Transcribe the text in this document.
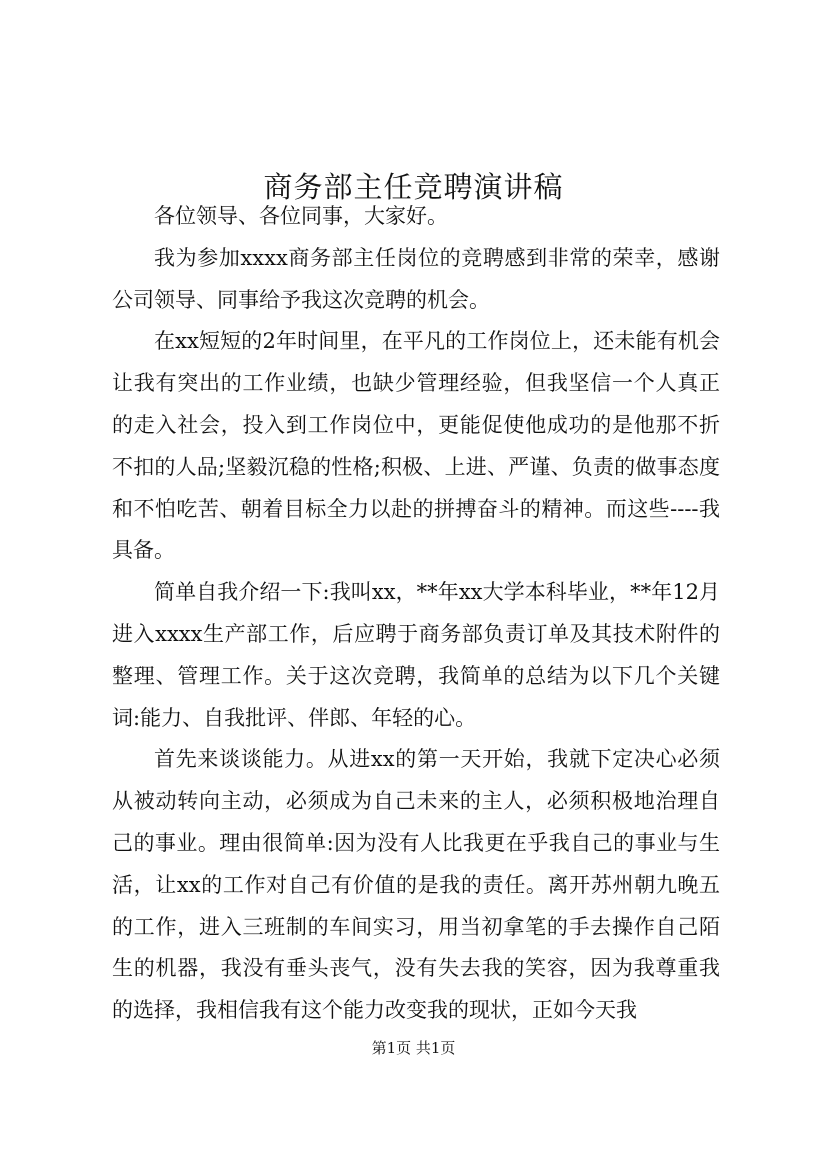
商务部主任竞聘演讲稿

各位领导、各位同事，大家好。

我为参加xxxx商务部主任岗位的竞聘感到非常的荣幸，感谢公司领导、同事给予我这次竞聘的机会。

在xx短短的2年时间里，在平凡的工作岗位上，还未能有机会让我有突出的工作业绩，也缺少管理经验，但我坚信一个人真正的走入社会，投入到工作岗位中，更能促使他成功的是他那不折不扣的人品;坚毅沉稳的性格;积极、上进、严谨、负责的做事态度和不怕吃苦、朝着目标全力以赴的拼搏奋斗的精神。而这些----我具备。

简单自我介绍一下:我叫xx，**年xx大学本科毕业，**年12月进入xxxx生产部工作，后应聘于商务部负责订单及其技术附件的整理、管理工作。关于这次竞聘，我简单的总结为以下几个关键词:能力、自我批评、伴郎、年轻的心。

首先来谈谈能力。从进xx的第一天开始，我就下定决心必须从被动转向主动，必须成为自己未来的主人，必须积极地治理自己的事业。理由很简单:因为没有人比我更在乎我自己的事业与生活，让xx的工作对自己有价值的是我的责任。离开苏州朝九晚五的工作，进入三班制的车间实习，用当初拿笔的手去操作自己陌生的机器，我没有垂头丧气，没有失去我的笑容，因为我尊重我的选择，我相信我有这个能力改变我的现状，正如今天我

第1页 共1页
